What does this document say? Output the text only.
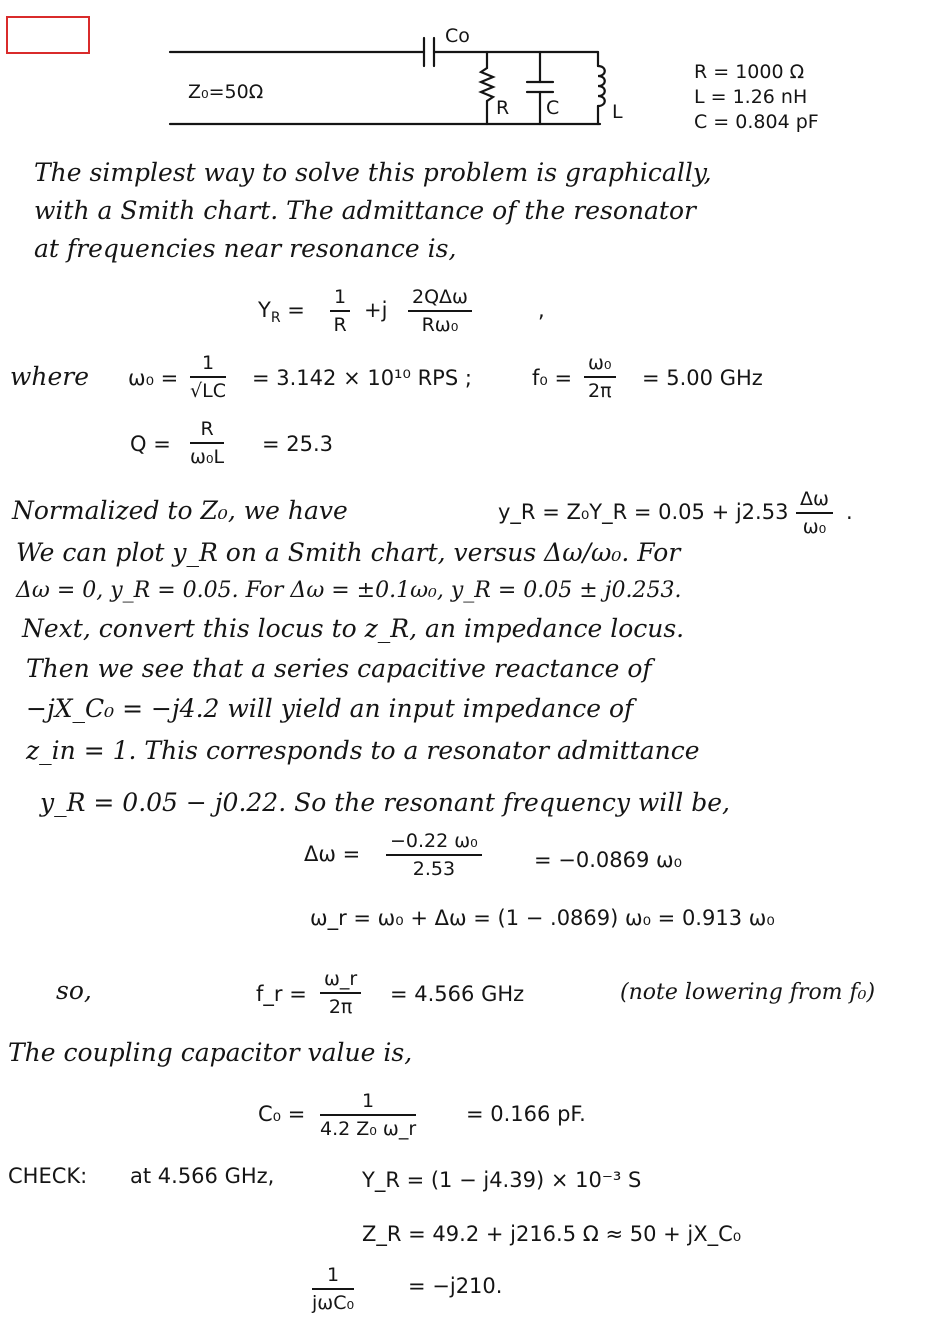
Co
Z₀=50Ω
R C	L
R = 1000 Ω
L = 1.26 nH
C = 0.804 pF
The simplest way to solve this problem is graphically,
with a Smith chart. The admittance of the resonator
at frequencies near resonance is,
$Y_R = \frac{1}{R} +j$
2QΔω
Rω₀
,
where $\omega_0 = \frac{1}{√LC} = 3.142 \times 10^{10}$ RPS ;	$f_0 = \frac{\text{ω₀}}{2\pi} = 5.00$ GHz
$Q = \frac{R}{\text{ω₀L}} = 25.3$
Normalized to Z₀, we have	y_R = Z₀Y_R = $0.05 + j2.53 \frac{\Delta\omega}{\text{ω₀}}$ .
We can plot y_R on a Smith chart, versus Δω/ω₀. For
Δω = 0, y_R = 0.05. For Δω = ±0.1ω₀, y_R = 0.05 ± j0.253.
Next, convert this locus to z_R, an impedance locus.
Then we see that a series capacitive reactance of
−jX_C₀ = −j4.2 will yield an input impedance of
z_in = 1. This corresponds to a resonator admittance
y_R = 0.05 − j0.22. So the resonant frequency will be,
$\Delta\omega = \frac{\text{−0.22 ω₀}}{2.53} = -0.0869$ ω₀
ω_r = ω₀ + Δω = (1 − .0869) ω₀ = 0.913 ω₀
so,	f_r = $\frac{\omega\_r}{2\pi} = 4.566$ GHz	(note lowering from f₀)
The coupling capacitor value is,
$C_0 = \frac{1}{\text{4.2 Z₀ ω\_r}} = 0.166$ pF.
CHECK: at 4.566 GHz,	Y_R = (1 − j4.39) × 10⁻³ S
Z_R = 49.2 + j216.5 Ω ≈ 50 + jX_C₀
1
jωC₀
= −j210.
